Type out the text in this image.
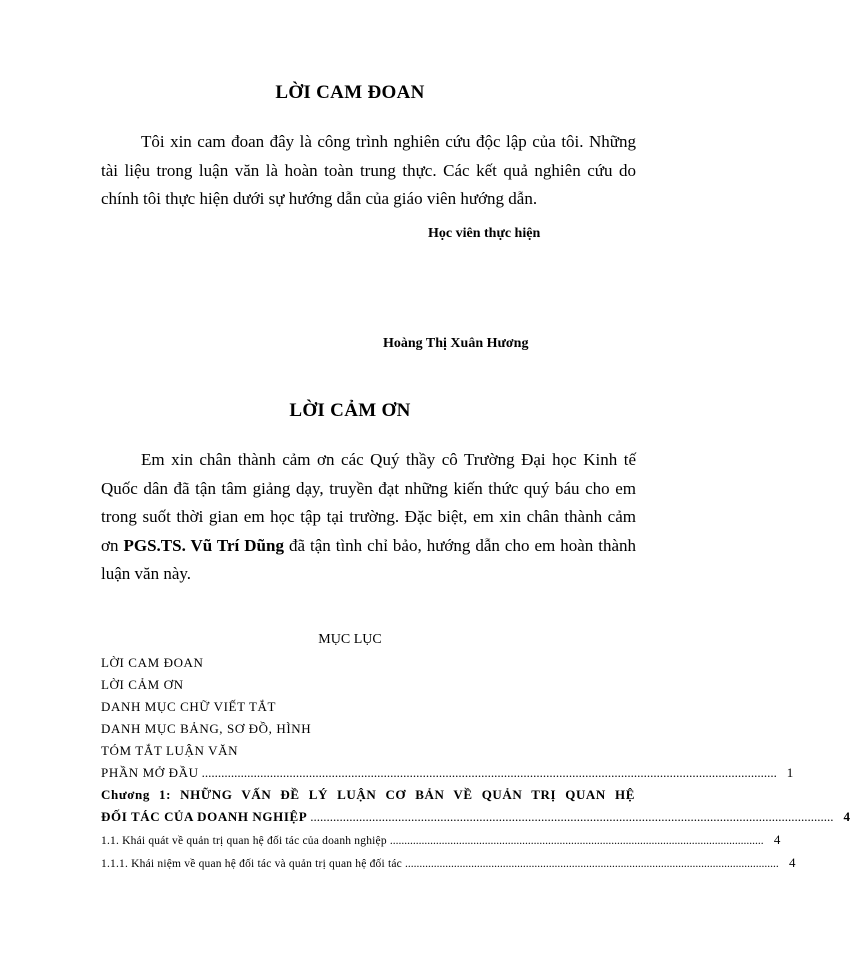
LỜI CAM ĐOAN
Tôi xin cam đoan đây là công trình nghiên cứu độc lập của tôi. Những tài liệu trong luận văn là hoàn toàn trung thực. Các kết quả nghiên cứu do chính tôi thực hiện dưới sự hướng dẫn của giáo viên hướng dẫn.
Học viên thực hiện
Hoàng Thị Xuân Hương
LỜI CẢM ƠN
Em xin chân thành cảm ơn các Quý thầy cô Trường Đại học Kinh tế Quốc dân đã tận tâm giảng dạy, truyền đạt những kiến thức quý báu cho em trong suốt thời gian em học tập tại trường. Đặc biệt, em xin chân thành cảm ơn PGS.TS. Vũ Trí Dũng đã tận tình chỉ bảo, hướng dẫn cho em hoàn thành luận văn này.
MỤC LỤC
LỜI CAM ĐOAN
LỜI CẢM ƠN
DANH MỤC CHỮ VIẾT TẮT
DANH MỤC BẢNG, SƠ ĐỒ, HÌNH
TÓM TẮT LUẬN VĂN
PHẦN MỞ ĐẦU ................................................................................................................................................................................. 1
Chương 1: NHỮNG VẤN ĐỀ LÝ LUẬN CƠ BẢN VỀ QUẢN TRỊ QUAN HỆ
ĐỐI TÁC CỦA DOANH NGHIỆP ................................................................................................................................................................. 4
1.1. Khái quát về quản trị quan hệ đối tác của doanh nghiệp .................................................................................................................................. 4
1.1.1. Khái niệm về quan hệ đối tác và quản trị quan hệ đối tác .................................................................................................................................. 4
